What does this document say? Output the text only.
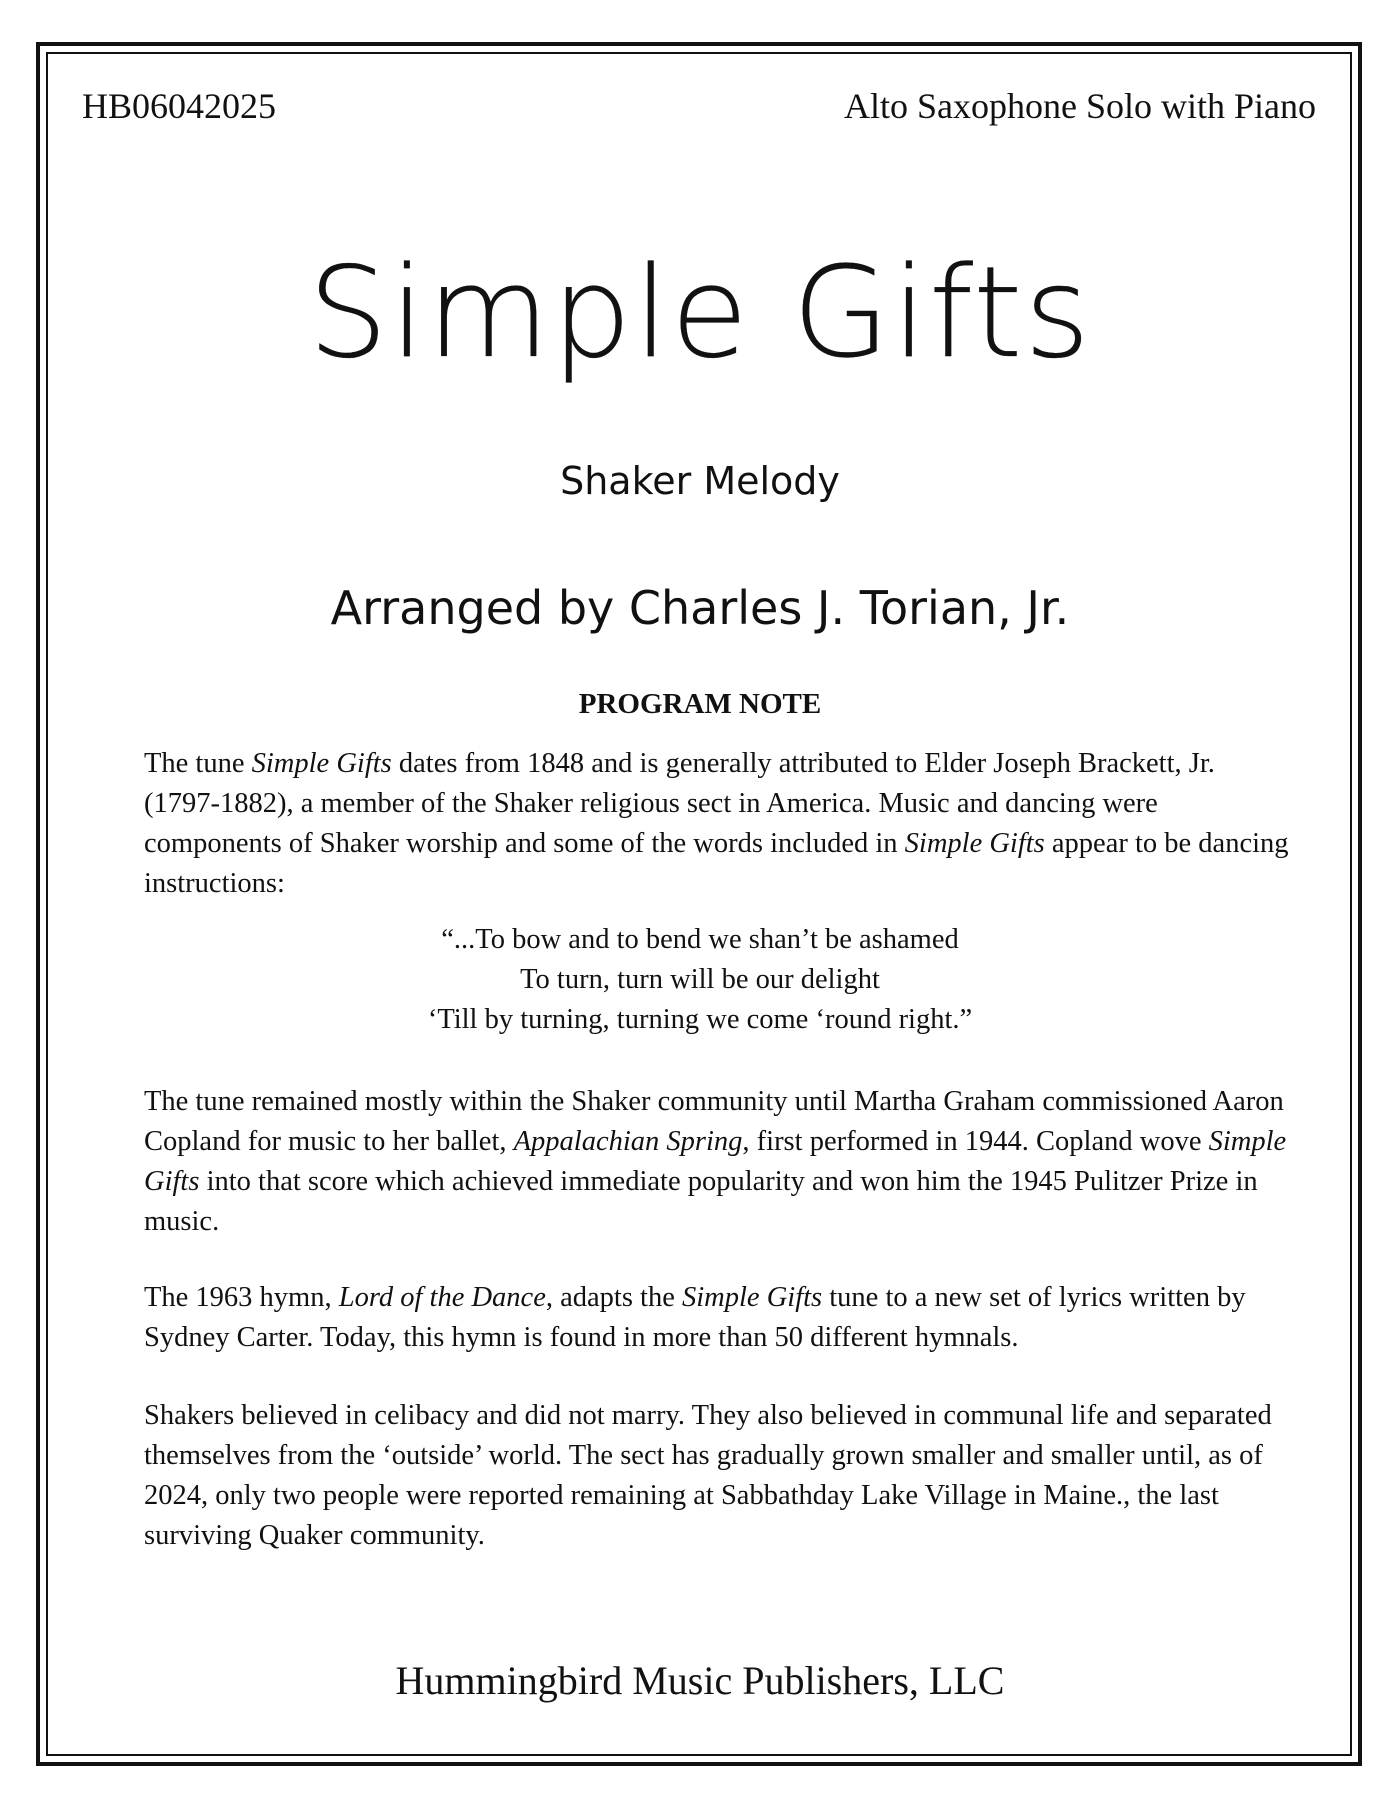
HB06042025	Alto Saxophone Solo with Piano
Simple Gifts
Shaker Melody
Arranged by Charles J. Torian, Jr.
PROGRAM NOTE

The tune Simple Gifts dates from 1848 and is generally attributed to Elder Joseph Brackett, Jr. (1797-1882), a member of the Shaker religious sect in America. Music and dancing were components of Shaker worship and some of the words included in Simple Gifts appear to be dancing instructions:

“...To bow and to bend we shan’t be ashamed
To turn, turn will be our delight
‘Till by turning, turning we come ‘round right.”

The tune remained mostly within the Shaker community until Martha Graham commissioned Aaron Copland for music to her ballet, Appalachian Spring, first performed in 1944. Copland wove Simple Gifts into that score which achieved immediate popularity and won him the 1945 Pulitzer Prize in music.

The 1963 hymn, Lord of the Dance, adapts the Simple Gifts tune to a new set of lyrics written by Sydney Carter. Today, this hymn is found in more than 50 different hymnals.

Shakers believed in celibacy and did not marry. They also believed in communal life and separated themselves from the ‘outside’ world. The sect has gradually grown smaller and smaller until, as of 2024, only two people were reported remaining at Sabbathday Lake Village in Maine., the last surviving Quaker community.

Hummingbird Music Publishers, LLC
